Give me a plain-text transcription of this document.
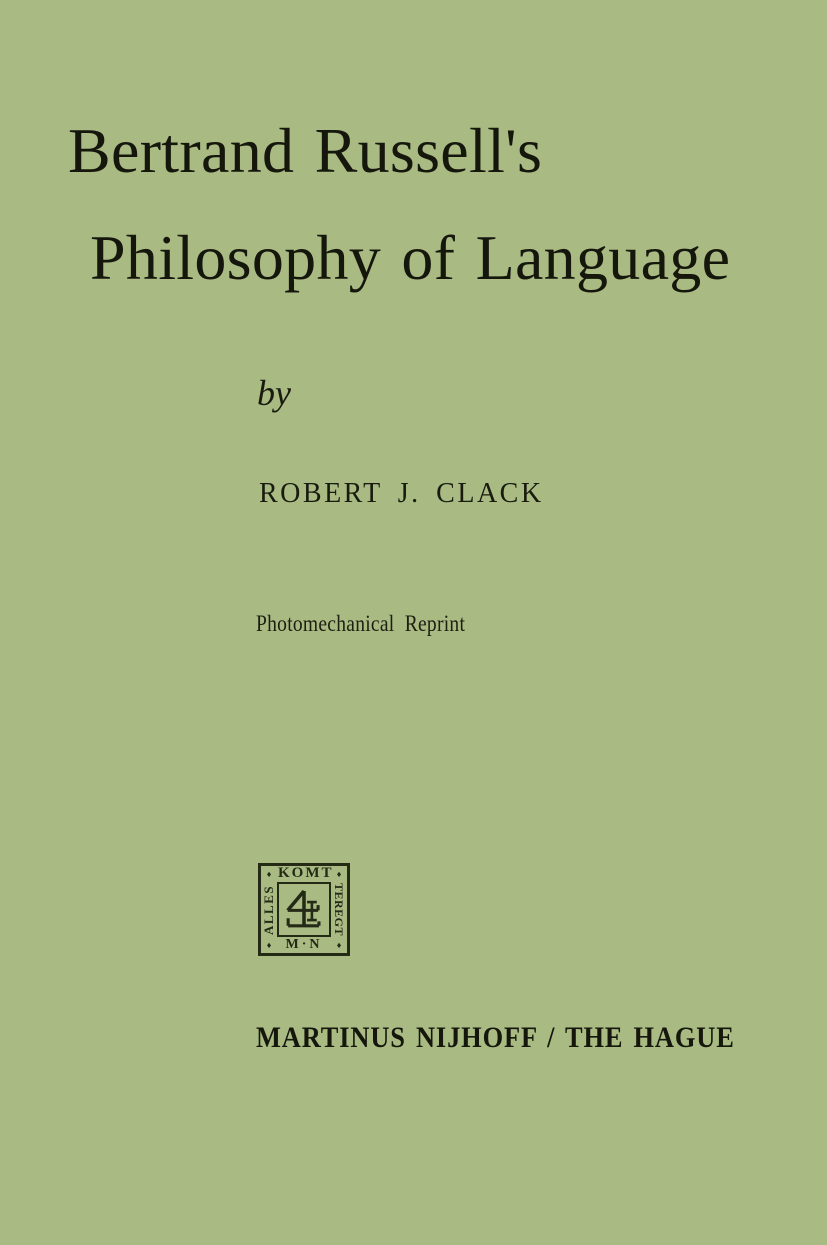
Bertrand Russell's
Philosophy of Language
by
ROBERT J. CLACK
Photomechanical Reprint
♦	♦
♦	♦
KOMT
TEREGT
M·N
ALLES
MARTINUS NIJHOFF / THE HAGUE
